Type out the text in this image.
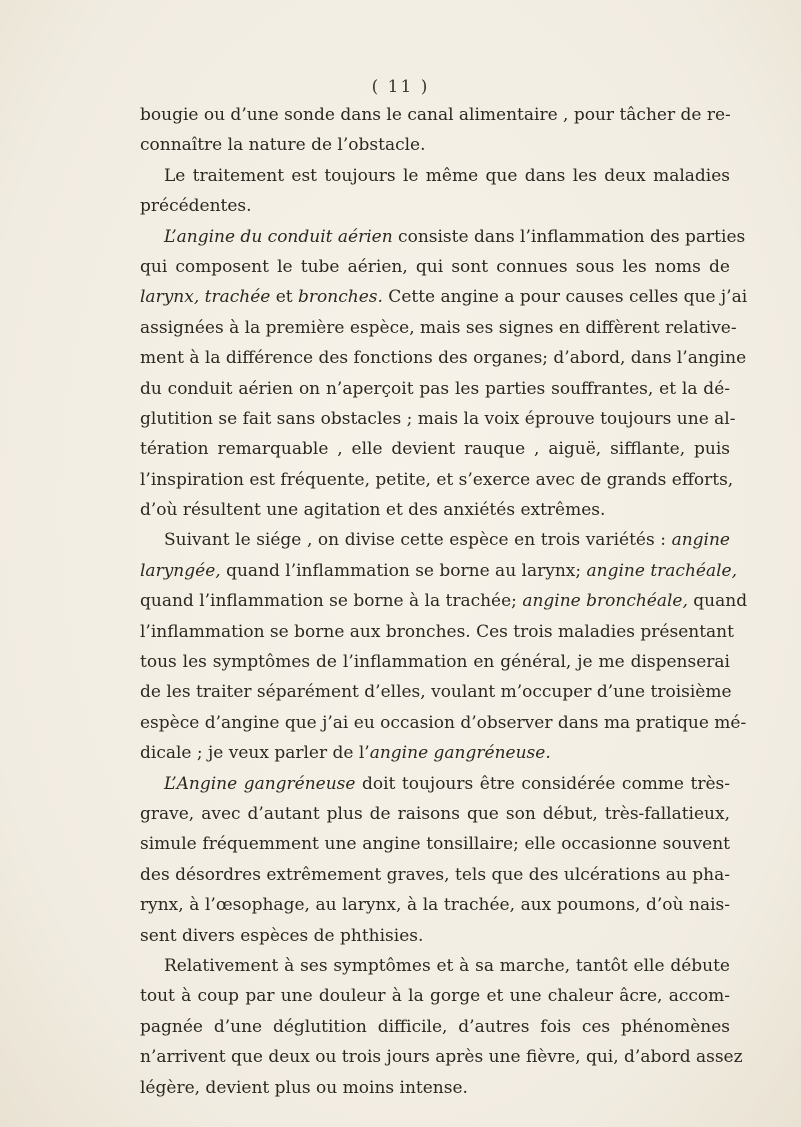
( 11 )
bougie ou d’une sonde dans le canal alimentaire , pour tâcher de re-
connaître la nature de l’obstacle.
Le traitement est toujours le même que dans les deux maladies
précédentes.
L’angine du conduit aérien consiste dans l’inflammation des parties
qui composent le tube aérien, qui sont connues sous les noms de
larynx, trachée et bronches. Cette angine a pour causes celles que j’ai
assignées à la première espèce, mais ses signes en diffèrent relative-
ment à la différence des fonctions des organes; d’abord, dans l’angine
du conduit aérien on n’aperçoit pas les parties souffrantes, et la dé-
glutition se fait sans obstacles ; mais la voix éprouve toujours une al-
tération remarquable , elle devient rauque , aiguë, sifflante, puis
l’inspiration est fréquente, petite, et s’exerce avec de grands efforts,
d’où résultent une agitation et des anxiétés extrêmes.
Suivant le siége , on divise cette espèce en trois variétés : angine
laryngée, quand l’inflammation se borne au larynx; angine trachéale,
quand l’inflammation se borne à la trachée; angine bronchéale, quand
l’inflammation se borne aux bronches. Ces trois maladies présentant
tous les symptômes de l’inflammation en général, je me dispenserai
de les traiter séparément d’elles, voulant m’occuper d’une troisième
espèce d’angine que j’ai eu occasion d’observer dans ma pratique mé-
dicale ; je veux parler de l’angine gangréneuse.
L’Angine gangréneuse doit toujours être considérée comme très-
grave, avec d’autant plus de raisons que son début, très-fallatieux,
simule fréquemment une angine tonsillaire; elle occasionne souvent
des désordres extrêmement graves, tels que des ulcérations au pha-
rynx, à l’œsophage, au larynx, à la trachée, aux poumons, d’où nais-
sent divers espèces de phthisies.
Relativement à ses symptômes et à sa marche, tantôt elle débute
tout à coup par une douleur à la gorge et une chaleur âcre, accom-
pagnée d’une déglutition difficile, d’autres fois ces phénomènes
n’arrivent que deux ou trois jours après une fièvre, qui, d’abord assez
légère, devient plus ou moins intense.
